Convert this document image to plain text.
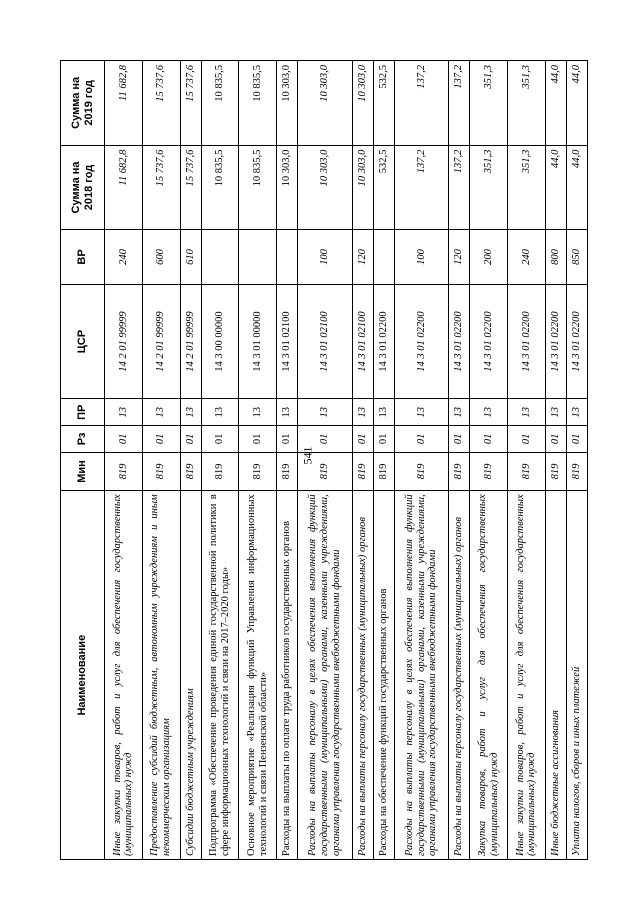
541
Наименование	Мин	Рз	ПР	ЦСР	ВР	Сумма на 2018 год	Сумма на 2019 год
Иные закупки товаров, работ и услуг для обеспечения государственных (муниципальных) нужд	819	01	13	14 2 01 99999	240	11 682,8	11 682,8
Предоставление субсидий бюджетным, автономным учреждениям и иным некоммерческим организациям	819	01	13	14 2 01 99999	600	15 737,6	15 737,6
Субсидии бюджетным учреждениям	819	01	13	14 2 01 99999	610	15 737,6	15 737,6
Подпрограмма «Обеспечение проведения единой государственной политики в сфере информационных технологий и связи на 2017–2020 годы»	819	01	13	14 3 00 00000		10 835,5	10 835,5
Основное мероприятие «Реализация функций Управления информационных технологий и связи Пензенской области»	819	01	13	14 3 01 00000		10 835,5	10 835,5
Расходы на выплаты по оплате труда работников государственных органов	819	01	13	14 3 01 02100		10 303,0	10 303,0
Расходы на выплаты персоналу в целях обеспечения выполнения функций государственными (муниципальными) органами, казенными учреждениями, органами управления государственными внебюджетными фондами	819	01	13	14 3 01 02100	100	10 303,0	10 303,0
Расходы на выплаты персоналу государственных (муниципальных) органов	819	01	13	14 3 01 02100	120	10 303,0	10 303,0
Расходы на обеспечение функций государственных органов	819	01	13	14 3 01 02200		532,5	532,5
Расходы на выплаты персоналу в целях обеспечения выполнения функций государственными (муниципальными) органами, казенными учреждениями, органами управления государственными внебюджетными фондами	819	01	13	14 3 01 02200	100	137,2	137,2
Расходы на выплаты персоналу государственных (муниципальных) органов	819	01	13	14 3 01 02200	120	137,2	137,2
Закупка товаров, работ и услуг для обеспечения государственных (муниципальных) нужд	819	01	13	14 3 01 02200	200	351,3	351,3
Иные закупки товаров, работ и услуг для обеспечения государственных (муниципальных) нужд	819	01	13	14 3 01 02200	240	351,3	351,3
Иные бюджетные ассигнования	819	01	13	14 3 01 02200	800	44,0	44,0
Уплата налогов, сборов и иных платежей	819	01	13	14 3 01 02200	850	44,0	44,0
